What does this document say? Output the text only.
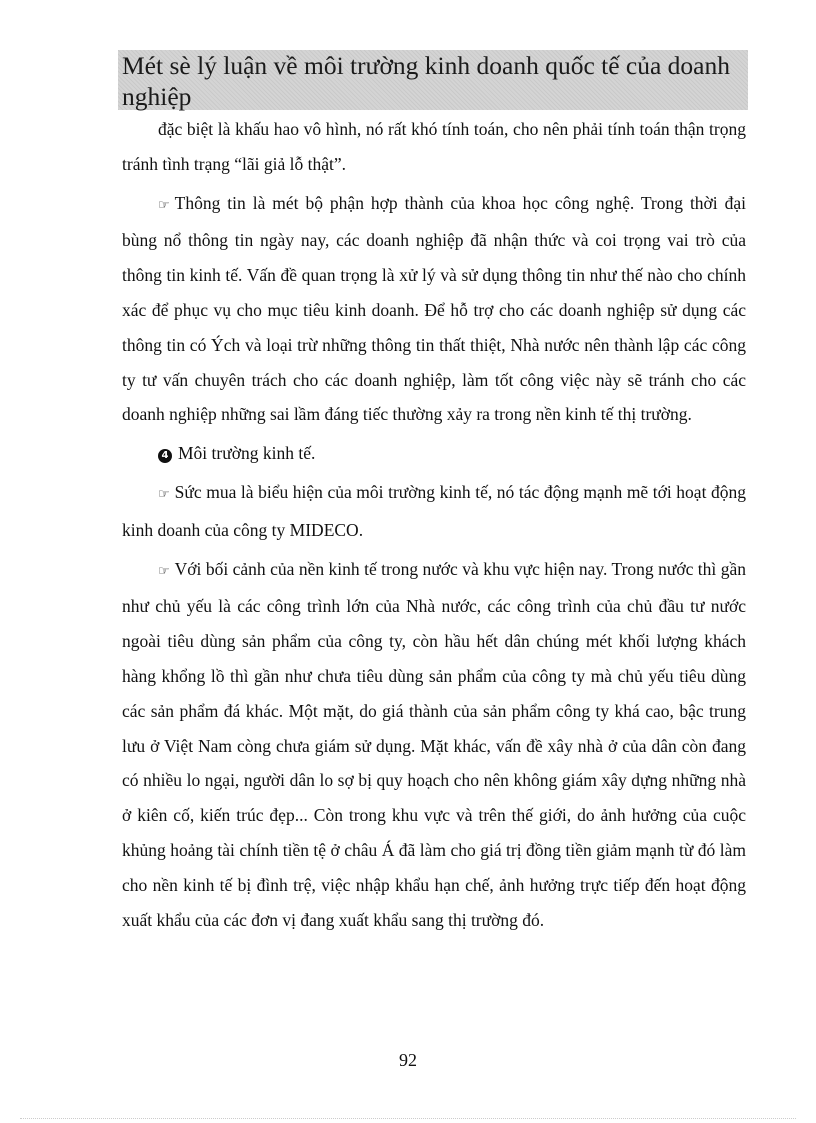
Mét sè lý luận về môi trường kinh doanh quốc tế của doanh nghiệp

đặc biệt là khấu hao vô hình, nó rất khó tính toán, cho nên phải tính toán thận trọng tránh tình trạng “lãi giả lỗ thật”.

☞ Thông tin là mét bộ phận hợp thành của khoa học công nghệ. Trong thời đại bùng nổ thông tin ngày nay, các doanh nghiệp đã nhận thức và coi trọng vai trò của thông tin kinh tế. Vấn đề quan trọng là xử lý và sử dụng thông tin như thế nào cho chính xác để phục vụ cho mục tiêu kinh doanh. Để hỗ trợ cho các doanh nghiệp sử dụng các thông tin có Ých và loại trừ những thông tin thất thiệt, Nhà nước nên thành lập các công ty tư vấn chuyên trách cho các doanh nghiệp, làm tốt công việc này sẽ tránh cho các doanh nghiệp những sai lầm đáng tiếc thường xảy ra trong nền kinh tế thị trường.

4 Môi trường kinh tế.

☞ Sức mua là biểu hiện của môi trường kinh tế, nó tác động mạnh mẽ tới hoạt động kinh doanh của công ty MIDECO.

☞ Với bối cảnh của nền kinh tế trong nước và khu vực hiện nay. Trong nước thì gần như chủ yếu là các công trình lớn của Nhà nước, các công trình của chủ đầu tư nước ngoài tiêu dùng sản phẩm của công ty, còn hầu hết dân chúng mét khối lượng khách hàng khổng lồ thì gần như chưa tiêu dùng sản phẩm của công ty mà chủ yếu tiêu dùng các sản phẩm đá khác. Một mặt, do giá thành của sản phẩm công ty khá cao, bậc trung lưu ở Việt Nam còng chưa giám sử dụng. Mặt khác, vấn đề xây nhà ở của dân còn đang có nhiều lo ngại, người dân lo sợ bị quy hoạch cho nên không giám xây dựng những nhà ở kiên cố, kiến trúc đẹp... Còn trong khu vực và trên thế giới, do ảnh hưởng của cuộc khủng hoảng tài chính tiền tệ ở châu Á đã làm cho giá trị đồng tiền giảm mạnh từ đó làm cho nền kinh tế bị đình trệ, việc nhập khẩu hạn chế, ảnh hưởng trực tiếp đến hoạt động xuất khẩu của các đơn vị đang xuất khẩu sang thị trường đó.

92
